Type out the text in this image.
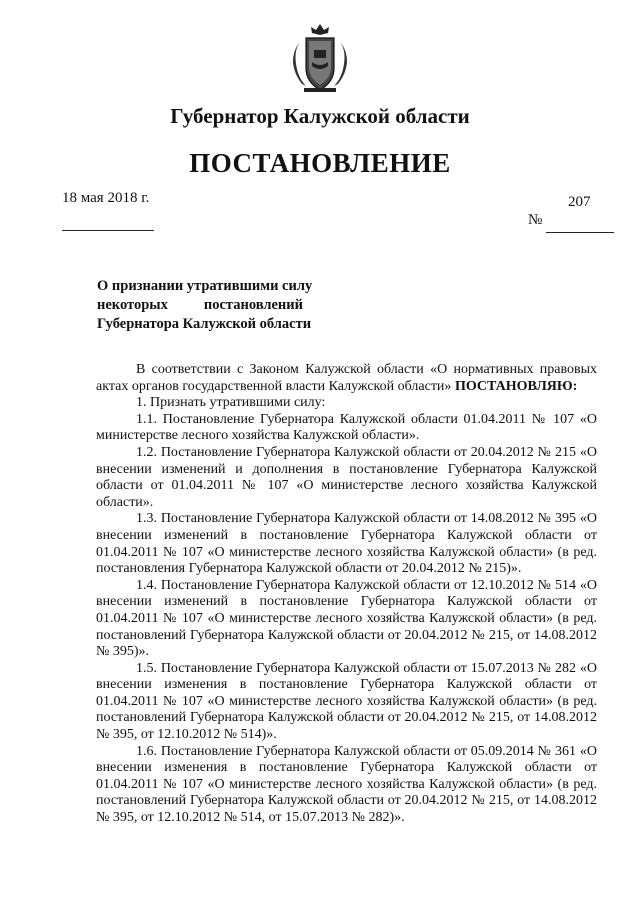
Губернатор Калужской области
ПОСТАНОВЛЕНИЕ
18 мая 2018 г.	207
№
О признании утратившими силу
некоторых постановлений
Губернатора Калужской области

В соответствии с Законом Калужской области «О нормативных правовых актах органов государственной власти Калужской области» ПОСТАНОВЛЯЮ:

1. Признать утратившими силу:

1.1. Постановление Губернатора Калужской области 01.04.2011 № 107 «О министерстве лесного хозяйства Калужской области».

1.2. Постановление Губернатора Калужской области от 20.04.2012 № 215 «О внесении изменений и дополнения в постановление Губернатора Калужской области от 01.04.2011 № 107 «О министерстве лесного хозяйства Калужской области».

1.3. Постановление Губернатора Калужской области от 14.08.2012 № 395 «О внесении изменений в постановление Губернатора Калужской области от 01.04.2011 № 107 «О министерстве лесного хозяйства Калужской области» (в ред. постановления Губернатора Калужской области от 20.04.2012 № 215)».

1.4. Постановление Губернатора Калужской области от 12.10.2012 № 514 «О внесении изменений в постановление Губернатора Калужской области от 01.04.2011 № 107 «О министерстве лесного хозяйства Калужской области» (в ред. постановлений Губернатора Калужской области от 20.04.2012 № 215, от 14.08.2012 № 395)».

1.5. Постановление Губернатора Калужской области от 15.07.2013 № 282 «О внесении изменения в постановление Губернатора Калужской области от 01.04.2011 № 107 «О министерстве лесного хозяйства Калужской области» (в ред. постановлений Губернатора Калужской области от 20.04.2012 № 215, от 14.08.2012 № 395, от 12.10.2012 № 514)».

1.6. Постановление Губернатора Калужской области от 05.09.2014 № 361 «О внесении изменения в постановление Губернатора Калужской области от 01.04.2011 № 107 «О министерстве лесного хозяйства Калужской области» (в ред. постановлений Губернатора Калужской области от 20.04.2012 № 215, от 14.08.2012 № 395, от 12.10.2012 № 514, от 15.07.2013 № 282)».
